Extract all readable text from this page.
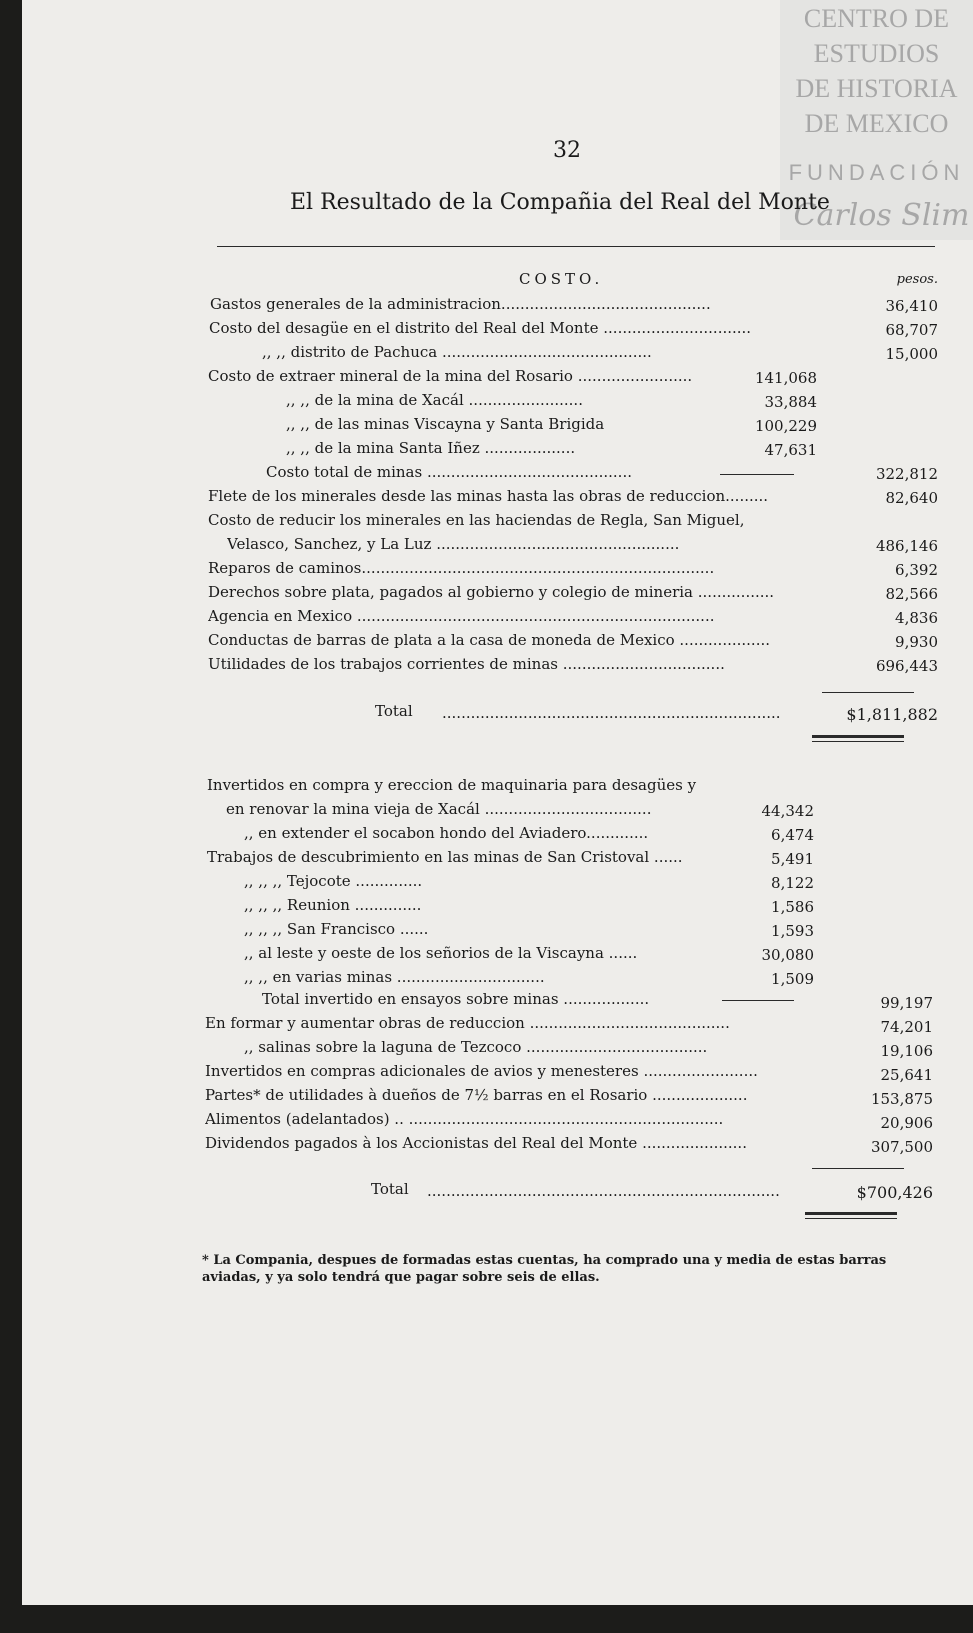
CENTRO DE
ESTUDIOS
DE HISTORIA
DE MEXICO
FUNDACIÓN
Carlos Slim
32
El Resultado de la Compañia del Real del Monte
COSTO.	pesos.
Gastos generales de la administracion............................................	36,410
Costo del desagüe en el distrito del Real del Monte ...............................	68,707
,, ,, distrito de Pachuca ............................................	15,000
Costo de extraer mineral de la mina del Rosario ........................	141,068
,, ,, de la mina de Xacál ........................	33,884
,, ,, de las minas Viscayna y Santa Brigida	100,229
,, ,, de la mina Santa Iñez ...................	47,631
Costo total de minas ...........................................	322,812
Flete de los minerales desde las minas hasta las obras de reduccion.........	82,640
Costo de reducir los minerales en las haciendas de Regla, San Miguel,
Velasco, Sanchez, y La Luz ...................................................	486,146
Reparos de caminos..........................................................................	6,392
Derechos sobre plata, pagados al gobierno y colegio de mineria ................	82,566
Agencia en Mexico ...........................................................................	4,836
Conductas de barras de plata a la casa de moneda de Mexico ...................	9,930
Utilidades de los trabajos corrientes de minas ..................................	696,443
Total .......................................................................	$1,811,882
Invertidos en compra y ereccion de maquinaria para desagües y
en renovar la mina vieja de Xacál ...................................	44,342
,, en extender el socabon hondo del Aviadero.............	6,474
Trabajos de descubrimiento en las minas de San Cristoval ......	5,491
,, ,, ,, Tejocote ..............	8,122
,, ,, ,, Reunion ..............	1,586
,, ,, ,, San Francisco ......	1,593
,, al leste y oeste de los señorios de la Viscayna ......	30,080
,, ,, en varias minas ...............................	1,509
Total invertido en ensayos sobre minas ..................	99,197
En formar y aumentar obras de reduccion ..........................................	74,201
,, salinas sobre la laguna de Tezcoco ......................................	19,106
Invertidos en compras adicionales de avios y menesteres ........................	25,641
Partes* de utilidades à dueños de 7½ barras en el Rosario ....................	153,875
Alimentos (adelantados) .. ..................................................................	20,906
Dividendos pagados à los Accionistas del Real del Monte ......................	307,500
Total ..........................................................................	$700,426
* La Compania, despues de formadas estas cuentas, ha comprado una y media de estas barras aviadas, y ya solo tendrá que pagar sobre seis de ellas.
